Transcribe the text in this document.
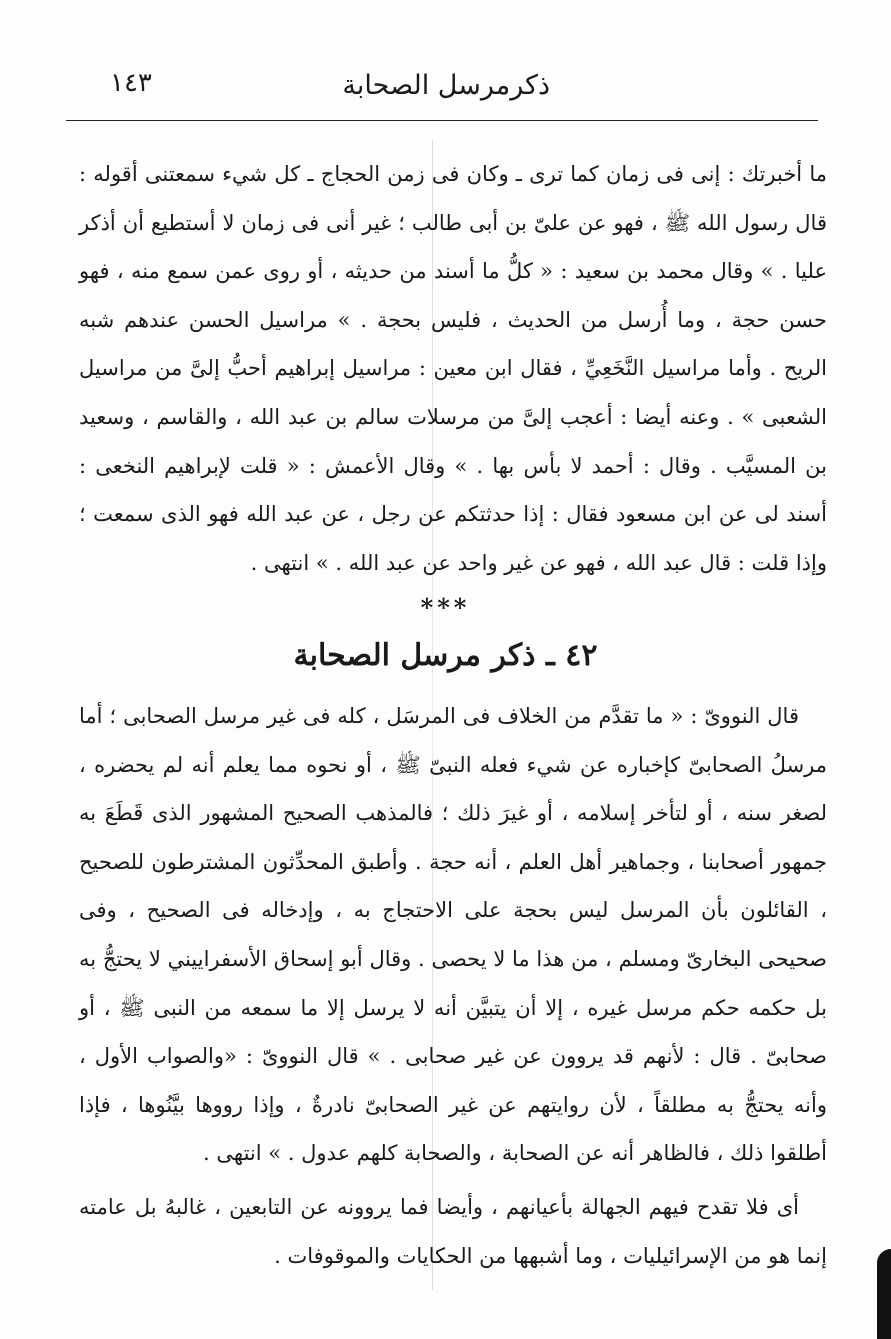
ذكرمرسل الصحابة
١٤٣

ما أخبرتك : إنى فى زمان كما ترى ـ وكان فى زمن الحجاج ـ كل شيء سمعتنى أقوله : قال رسول الله ﷺ ، فهو عن علىّ بن أبى طالب ؛ غير أنى فى زمان لا أستطيع أن أذكر عليا . » وقال محمد بن سعيد : « كلُّ ما أسند من حديثه ، أو روى عمن سمع منه ، فهو حسن حجة ، وما أُرسل من الحديث ، فليس بحجة . » مراسيل الحسن عندهم شبه الريح . وأما مراسيل النَّخَعِيِّ ، فقال ابن معين : مراسيل إبراهيم أحبُّ إلىَّ من مراسيل الشعبى » . وعنه أيضا : أعجب إلىَّ من مرسلات سالم بن عبد الله ، والقاسم ، وسعيد بن المسيَّب . وقال : أحمد لا بأس بها . » وقال الأعمش : « قلت لإبراهيم النخعى : أسند لى عن ابن مسعود فقال : إذا حدثتكم عن رجل ، عن عبد الله فهو الذى سمعت ؛ وإذا قلت : قال عبد الله ، فهو عن غير واحد عن عبد الله . » انتهى .

***
٤٢ ـ ذكر مرسل الصحابة

قال النووىّ : « ما تقدَّم من الخلاف فى المرسَل ، كله فى غير مرسل الصحابى ؛ أما مرسلُ الصحابىّ كإخباره عن شيء فعله النبىّ ﷺ ، أو نحوه مما يعلم أنه لم يحضره ، لصغر سنه ، أو لتأخر إسلامه ، أو غيرَ ذلك ؛ فالمذهب الصحيح المشهور الذى قَطَعَ به جمهور أصحابنا ، وجماهير أهل العلم ، أنه حجة . وأطبق المحدِّثون المشترطون للصحيح ، القائلون بأن المرسل ليس بحجة على الاحتجاج به ، وإدخاله فى الصحيح ، وفى صحيحى البخارىّ ومسلم ، من هذا ما لا يحصى . وقال أبو إسحاق الأسفراييني لا يحتجُّ به بل حكمه حكم مرسل غيره ، إلا أن يتبيَّن أنه لا يرسل إلا ما سمعه من النبى ﷺ ، أو صحابىّ . قال : لأنهم قد يروون عن غير صحابى . » قال النووىّ : «والصواب الأول ، وأنه يحتجُّ به مطلقاً ، لأن روايتهم عن غير الصحابىّ نادرةٌ ، وإذا رووها بيَّنُوها ، فإذا أطلقوا ذلك ، فالظاهر أنه عن الصحابة ، والصحابة كلهم عدول . » انتهى .

أى فلا تقدح فيهم الجهالة بأعيانهم ، وأيضا فما يروونه عن التابعين ، غالبهُ بل عامته إنما هو من الإسرائيليات ، وما أشبهها من الحكايات والموقوفات .
